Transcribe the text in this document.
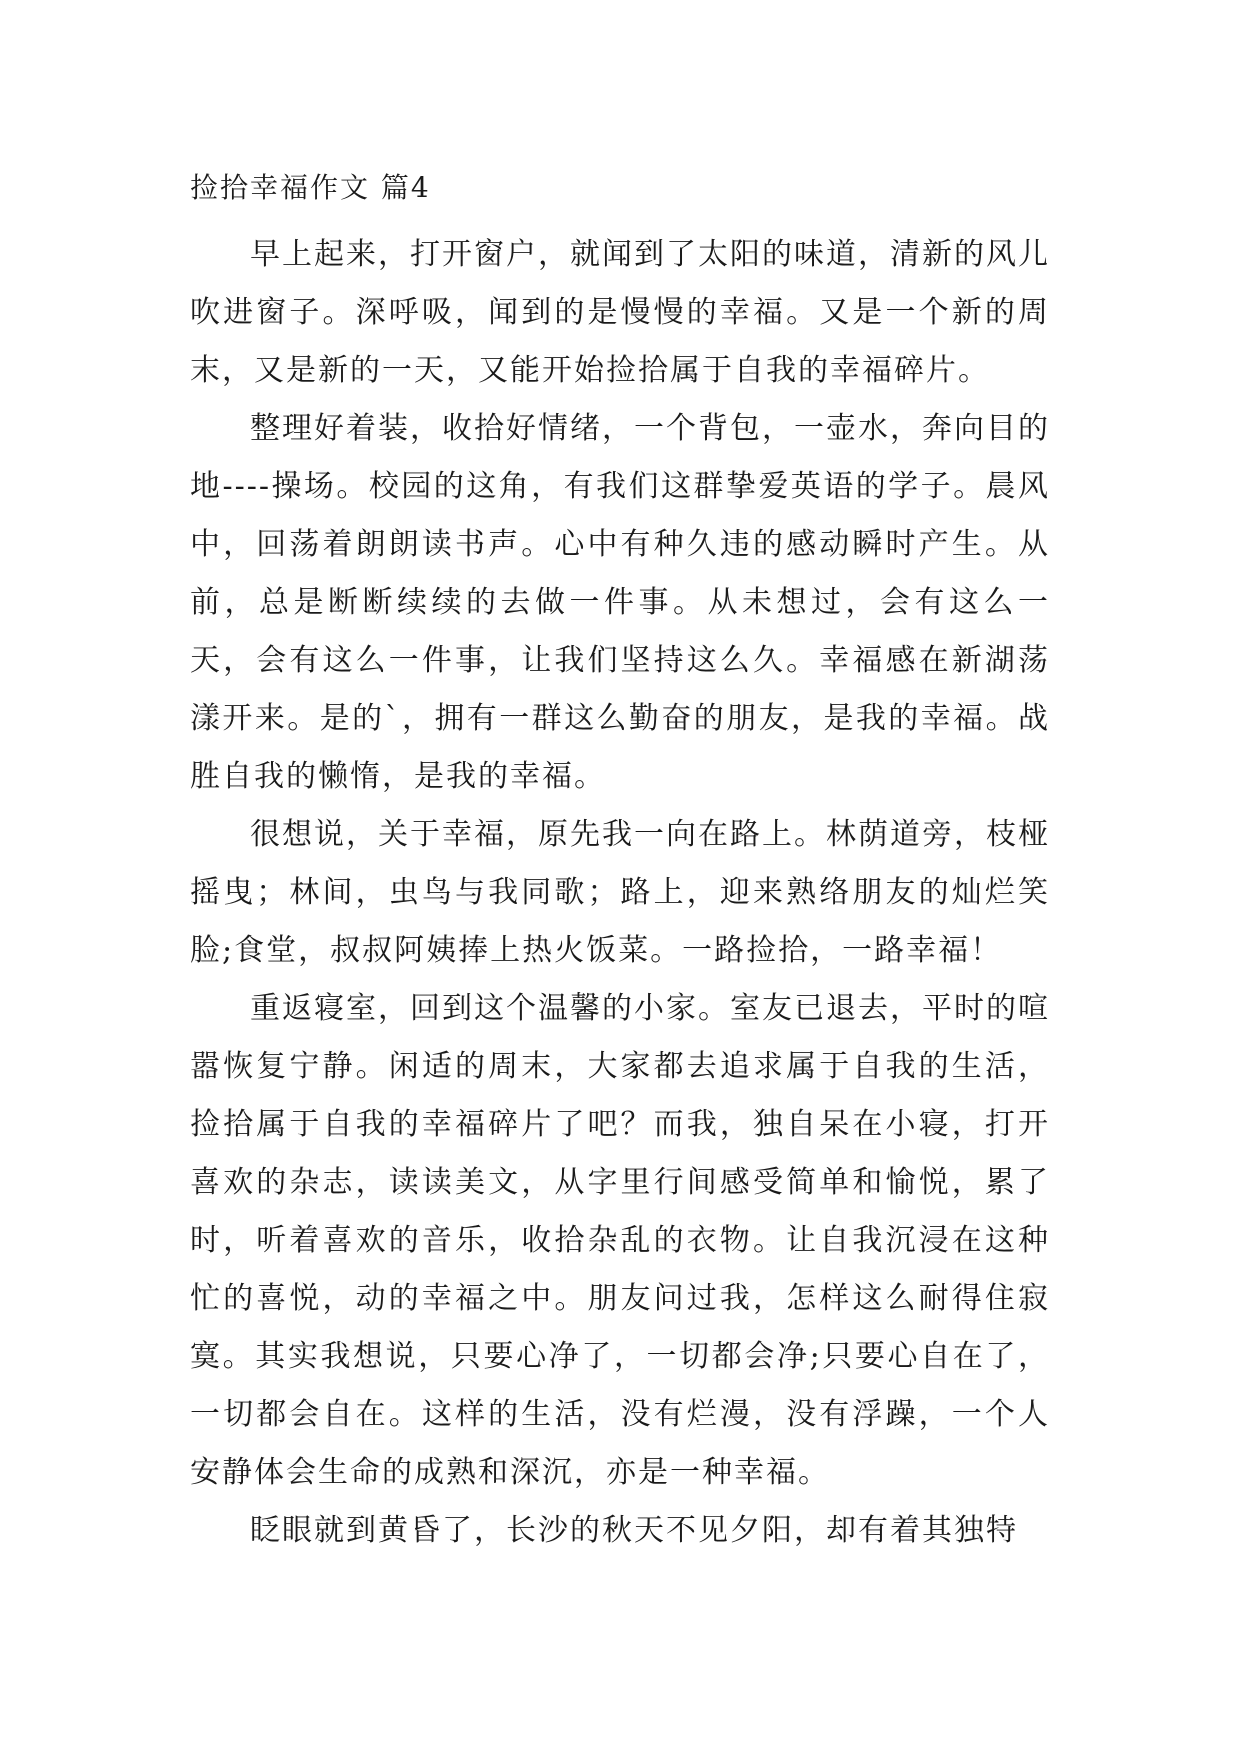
捡拾幸福作文 篇4

早上起来，打开窗户，就闻到了太阳的味道，清新的风儿吹进窗子。深呼吸，闻到的是慢慢的幸福。又是一个新的周末，又是新的一天，又能开始捡拾属于自我的幸福碎片。

整理好着装，收拾好情绪，一个背包，一壶水，奔向目的地----操场。校园的这角，有我们这群挚爱英语的学子。晨风中，回荡着朗朗读书声。心中有种久违的感动瞬时产生。从前，总是断断续续的去做一件事。从未想过，会有这么一天，会有这么一件事，让我们坚持这么久。幸福感在新湖荡漾开来。是的`，拥有一群这么勤奋的朋友，是我的幸福。战胜自我的懒惰，是我的幸福。

很想说，关于幸福，原先我一向在路上。林荫道旁，枝桠摇曳；林间，虫鸟与我同歌；路上，迎来熟络朋友的灿烂笑脸;食堂，叔叔阿姨捧上热火饭菜。一路捡拾，一路幸福！

重返寝室，回到这个温馨的小家。室友已退去，平时的喧嚣恢复宁静。闲适的周末，大家都去追求属于自我的生活，捡拾属于自我的幸福碎片了吧？而我，独自呆在小寝，打开喜欢的杂志，读读美文，从字里行间感受简单和愉悦，累了时，听着喜欢的音乐，收拾杂乱的衣物。让自我沉浸在这种忙的喜悦，动的幸福之中。朋友问过我，怎样这么耐得住寂寞。其实我想说，只要心净了，一切都会净;只要心自在了，一切都会自在。这样的生活，没有烂漫，没有浮躁，一个人安静体会生命的成熟和深沉，亦是一种幸福。

眨眼就到黄昏了，长沙的秋天不见夕阳，却有着其独特
